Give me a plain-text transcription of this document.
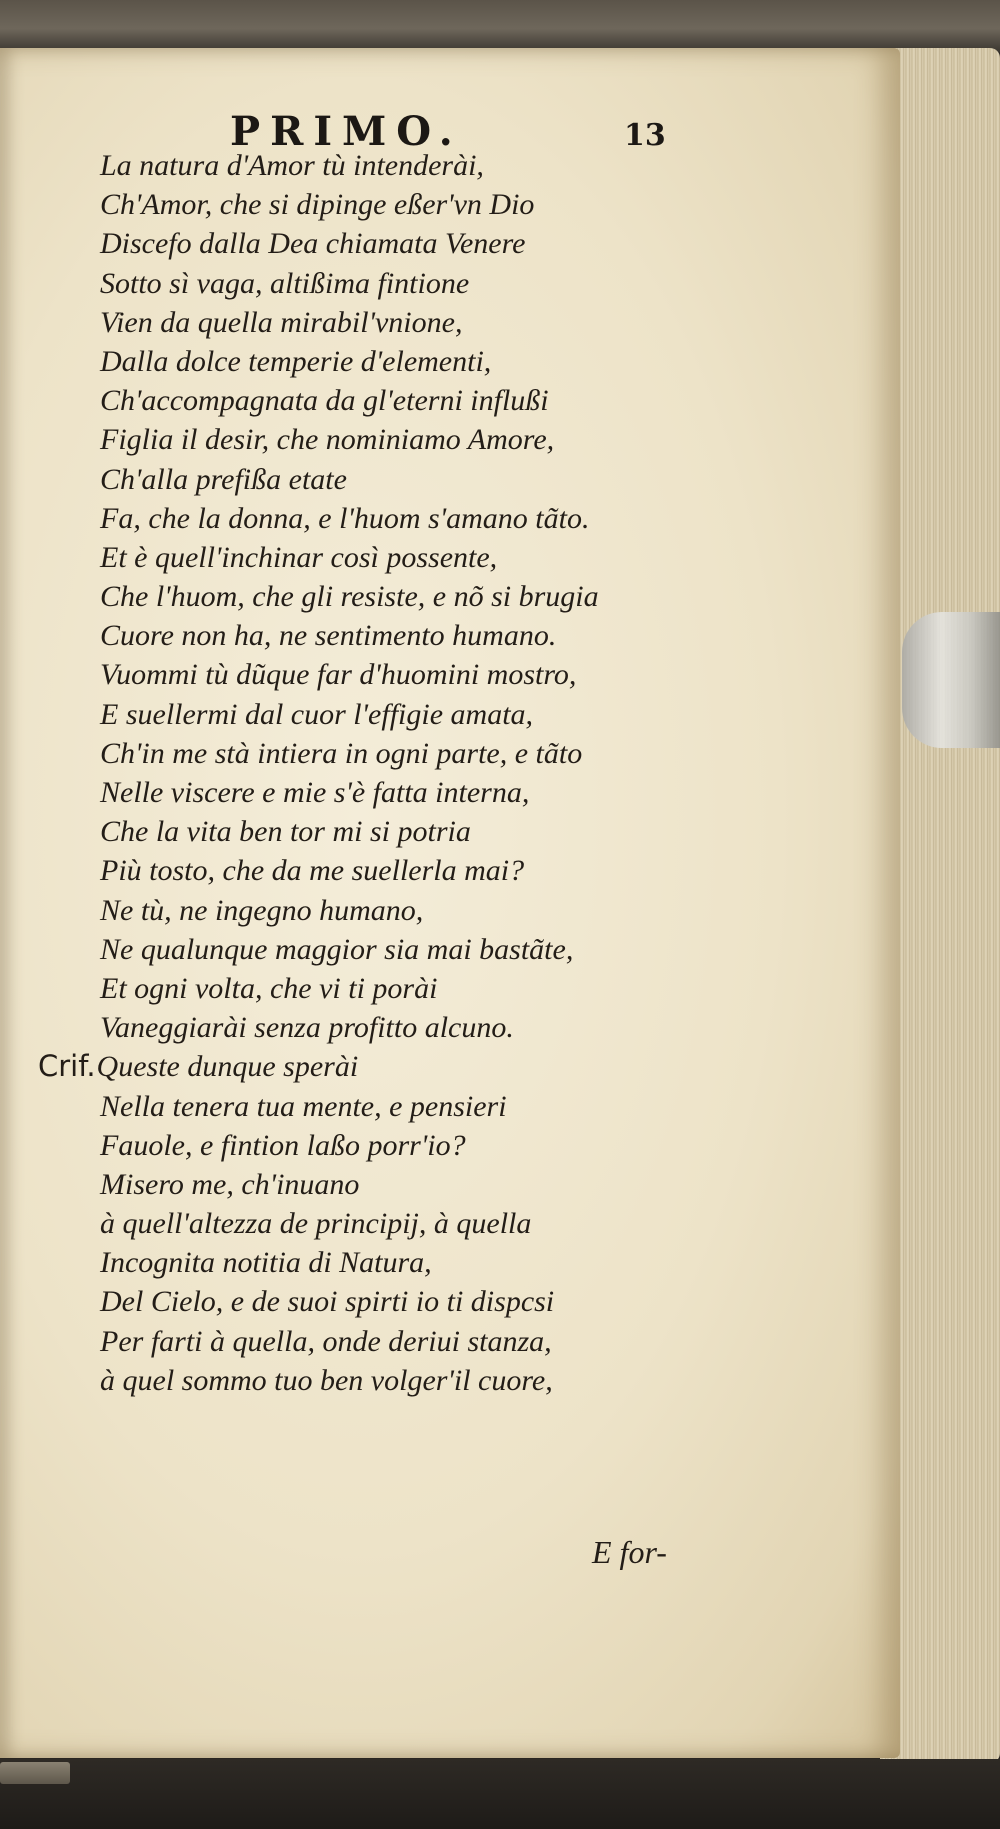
PRIMO.	13
La natura d'Amor tù intenderài,
Ch'Amor, che si dipinge eßer'vn Dio
Discefo dalla Dea chiamata Venere
Sotto sì vaga, altißima fintione
Vien da quella mirabil'vnione,
Dalla dolce temperie d'elementi,
Ch'accompagnata da gl'eterni influßi
Figlia il desir, che nominiamo Amore,
Ch'alla prefißa etate
Fa, che la donna, e l'huom s'amano tãto.
Et è quell'inchinar così possente,
Che l'huom, che gli resiste, e nõ si brugia
Cuore non ha, ne sentimento humano.
Vuommi tù dũque far d'huomini mostro,
E suellermi dal cuor l'effigie amata,
Ch'in me stà intiera in ogni parte, e tãto
Nelle viscere e mie s'è fatta interna,
Che la vita ben tor mi si potria
Più tosto, che da me suellerla mai?
Ne tù, ne ingegno humano,
Ne qualunque maggior sia mai bastãte,
Et ogni volta, che vi ti porài
Vaneggiarài senza profitto alcuno.
Crif.Queste dunque sperài
Nella tenera tua mente, e pensieri
Fauole, e fintion laßo porr'io?
Misero me, ch'inuano
à quell'altezza de principij, à quella
Incognita notitia di Natura,
Del Cielo, e de suoi spirti io ti dispcsi
Per farti à quella, onde deriui stanza,
à quel sommo tuo ben volger'il cuore,
E for-
